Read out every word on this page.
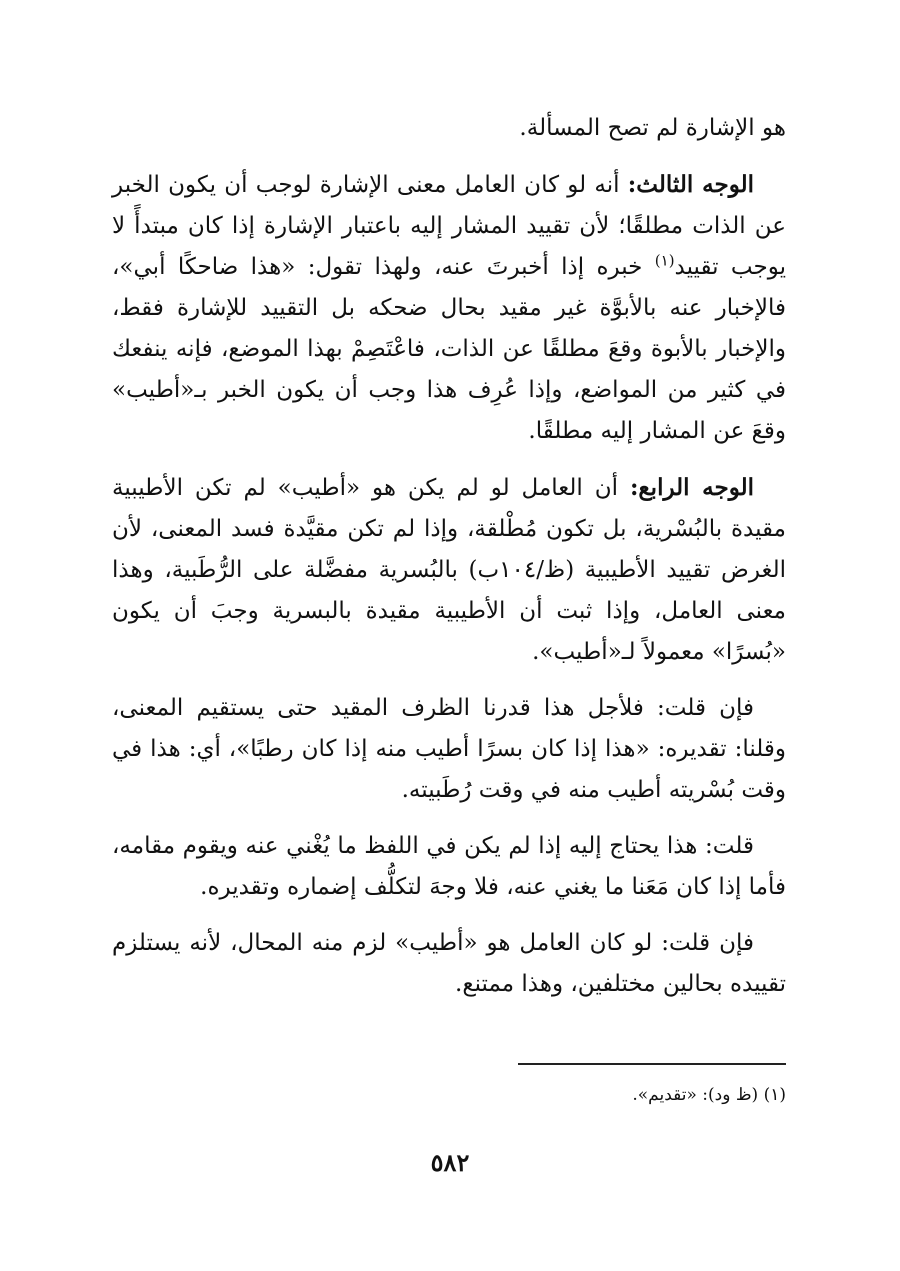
هو الإشارة لم تصح المسألة.

الوجه الثالث: أنه لو كان العامل معنى الإشارة لوجب أن يكون الخبر عن الذات مطلقًا؛ لأن تقييد المشار إليه باعتبار الإشارة إذا كان مبتدأً لا يوجب تقييد$^{(١)}$ خبره إذا أخبرتَ عنه، ولهذا تقول: «هذا ضاحكًا أبي»، فالإخبار عنه بالأبوَّة غير مقيد بحال ضحكه بل التقييد للإشارة فقط، والإخبار بالأبوة وقعَ مطلقًا عن الذات، فاعْتَصِمْ بهذا الموضع، فإنه ينفعك في كثير من المواضع، وإذا عُرِف هذا وجب أن يكون الخبر بـ«أطيب» وقعَ عن المشار إليه مطلقًا.

الوجه الرابع: أن العامل لو لم يكن هو «أطيب» لم تكن الأطيبية مقيدة بالبُسْرية، بل تكون مُطْلقة، وإذا لم تكن مقيَّدة فسد المعنى، لأن الغرض تقييد الأطيبية (ظ/١٠٤ب) بالبُسرية مفضَّلة على الرُّطَبية، وهذا معنى العامل، وإذا ثبت أن الأطيبية مقيدة بالبسرية وجبَ أن يكون «بُسرًا» معمولاً لـ«أطيب».

فإن قلت: فلأجل هذا قدرنا الظرف المقيد حتى يستقيم المعنى، وقلنا: تقديره: «هذا إذا كان بسرًا أطيب منه إذا كان رطبًا»، أي: هذا في وقت بُسْريته أطيب منه في وقت رُطَبيته.

قلت: هذا يحتاج إليه إذا لم يكن في اللفظ ما يُغْني عنه ويقوم مقامه، فأما إذا كان مَعَنا ما يغني عنه، فلا وجهَ لتكلُّف إضماره وتقديره.

فإن قلت: لو كان العامل هو «أطيب» لزم منه المحال، لأنه يستلزم تقييده بحالين مختلفين، وهذا ممتنع.

(١) (ظ ود): «تقديم».
٥٨٢
